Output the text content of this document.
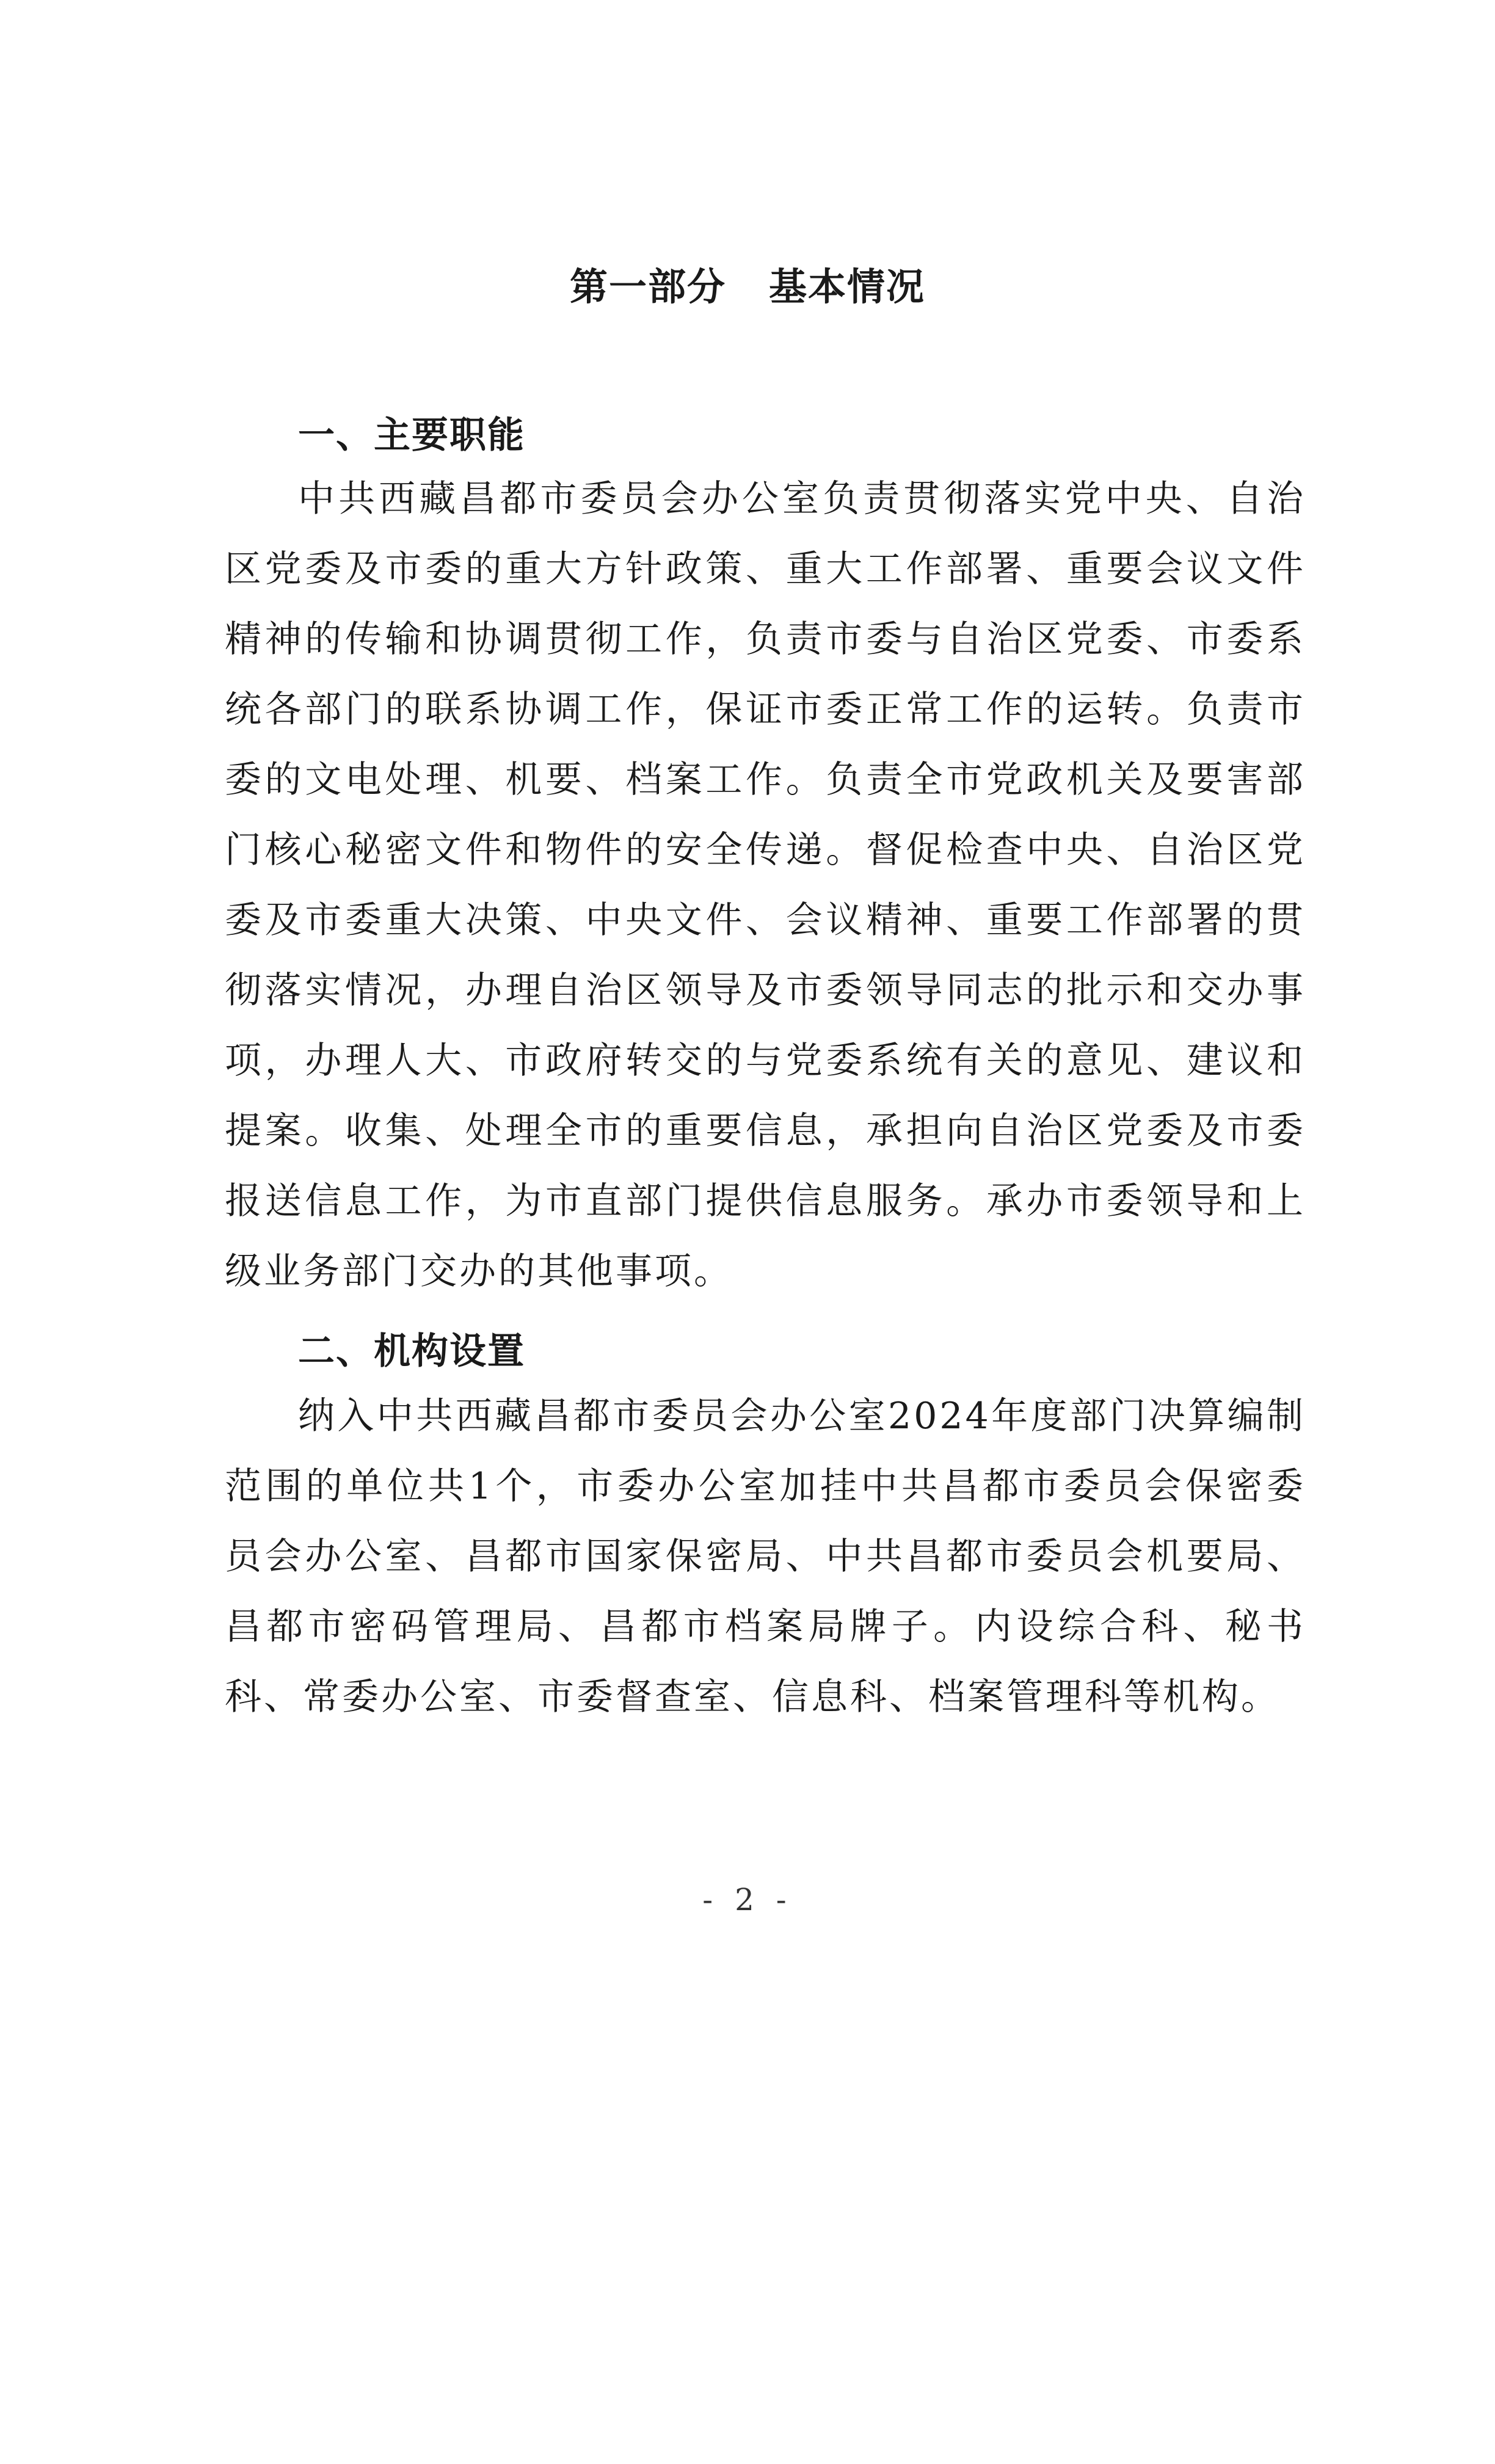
第一部分 基本情况
一、主要职能

中共西藏昌都市委员会办公室负责贯彻落实党中央、自治区党委及市委的重大方针政策、重大工作部署、重要会议文件精神的传输和协调贯彻工作，负责市委与自治区党委、市委系统各部门的联系协调工作，保证市委正常工作的运转。负责市委的文电处理、机要、档案工作。负责全市党政机关及要害部门核心秘密文件和物件的安全传递。督促检查中央、自治区党委及市委重大决策、中央文件、会议精神、重要工作部署的贯彻落实情况，办理自治区领导及市委领导同志的批示和交办事项，办理人大、市政府转交的与党委系统有关的意见、建议和提案。收集、处理全市的重要信息，承担向自治区党委及市委报送信息工作，为市直部门提供信息服务。承办市委领导和上级业务部门交办的其他事项。

二、机构设置

纳入中共西藏昌都市委员会办公室2024年度部门决算编制范围的单位共1个，市委办公室加挂中共昌都市委员会保密委员会办公室、昌都市国家保密局、中共昌都市委员会机要局、昌都市密码管理局、昌都市档案局牌子。内设综合科、秘书科、常委办公室、市委督查室、信息科、档案管理科等机构。

- 2 -
